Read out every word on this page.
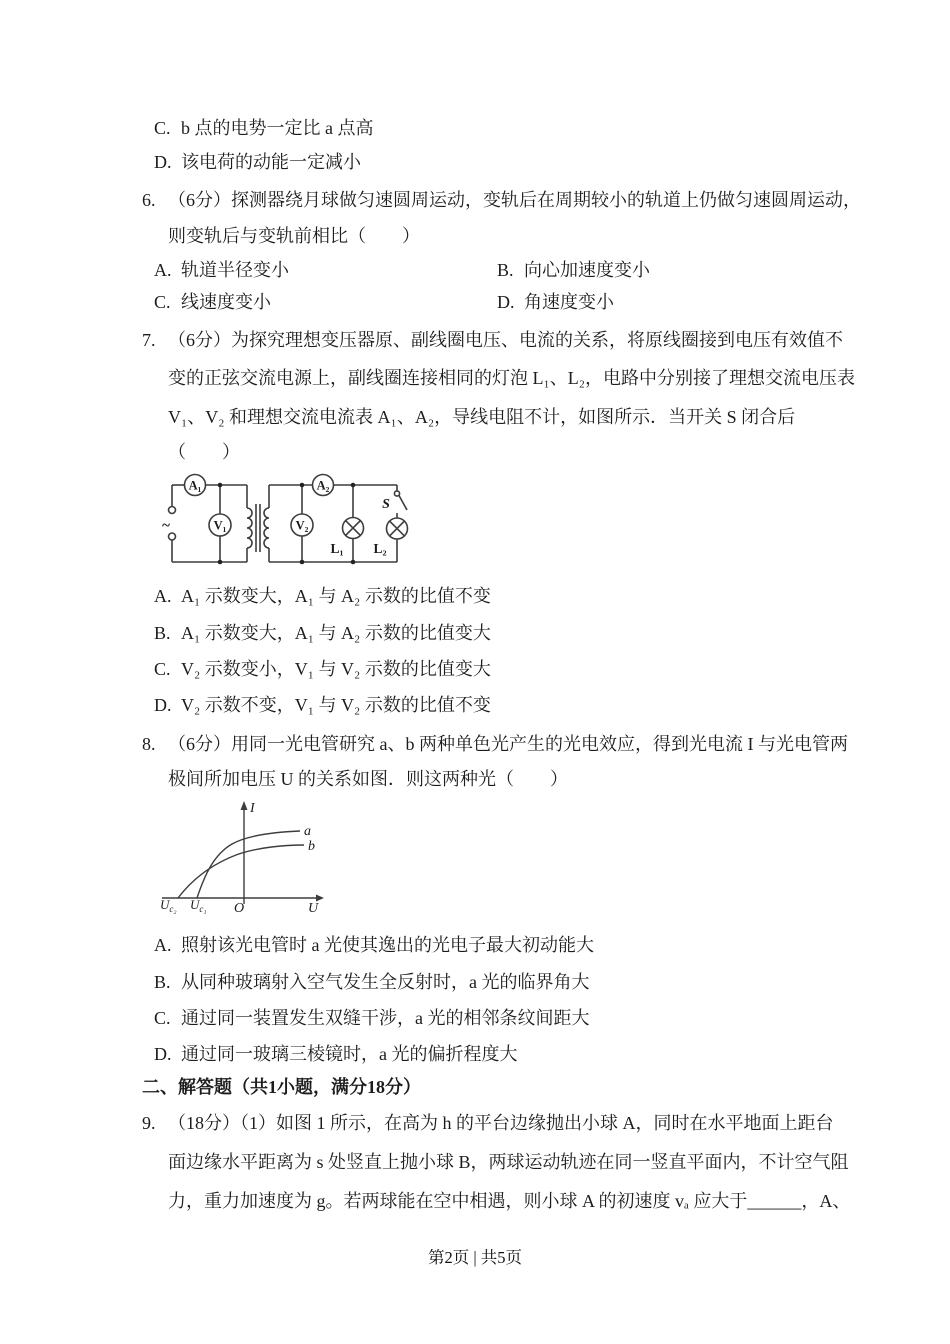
C. b 点的电势一定比 a 点高
D. 该电荷的动能一定减小
6. （6分）探测器绕月球做匀速圆周运动，变轨后在周期较小的轨道上仍做匀速圆周运动，
则变轨后与变轨前相比（　　）
A. 轨道半径变小	B. 向心加速度变小
C. 线速度变小	D. 角速度变小
7. （6分）为探究理想变压器原、副线圈电压、电流的关系，将原线圈接到电压有效值不
变的正弦交流电源上，副线圈连接相同的灯泡 L₁、L₂，电路中分别接了理想交流电压表
V₁、V₂ 和理想交流电流表 A₁、A₂，导线电阻不计，如图所示．当开关 S 闭合后
（　　）
~
A₁
V₁
A₂
V₂
L₁ L₂
S
A. A₁ 示数变大，A₁ 与 A₂ 示数的比值不变
B. A₁ 示数变大，A₁ 与 A₂ 示数的比值变大
C. V₂ 示数变小，V₁ 与 V₂ 示数的比值变大
D. V₂ 示数不变，V₁ 与 V₂ 示数的比值不变
8. （6分）用同一光电管研究 a、b 两种单色光产生的光电效应，得到光电流 I 与光电管两
极间所加电压 U 的关系如图．则这两种光（　　）
I
U
O
a
b
$U_{c_2}$ $U_{c_1}$
A. 照射该光电管时 a 光使其逸出的光电子最大初动能大
B. 从同种玻璃射入空气发生全反射时，a 光的临界角大
C. 通过同一装置发生双缝干涉，a 光的相邻条纹间距大
D. 通过同一玻璃三棱镜时，a 光的偏折程度大
二、解答题（共1小题，满分18分）
9. （18分）（1）如图 1 所示，在高为 h 的平台边缘抛出小球 A，同时在水平地面上距台
面边缘水平距离为 s 处竖直上抛小球 B，两球运动轨迹在同一竖直平面内，不计空气阻
力，重力加速度为 g。若两球能在空中相遇，则小球 A 的初速度 vₐ 应大于______，A、
第2页 | 共5页
